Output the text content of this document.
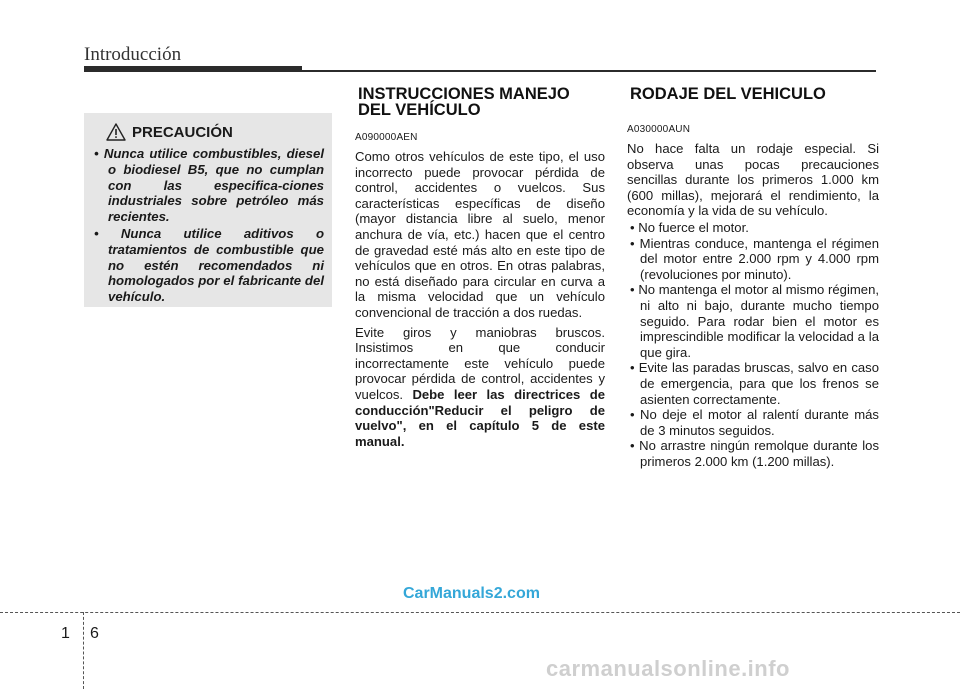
Introducción
PRECAUCIÓN
• Nunca utilice combustibles, diesel o biodiesel B5, que no cumplan con las especifica-ciones industriales sobre petróleo más recientes.
• Nunca utilice aditivos o tratamientos de combustible que no estén recomendados ni homologados por el fabricante del vehículo.
INSTRUCCIONES MANEJO
DEL VEHÍCULO
A090000AEN

Como otros vehículos de este tipo, el uso incorrecto puede provocar pérdida de control, accidentes o vuelcos. Sus características específicas de diseño (mayor distancia libre al suelo, menor anchura de vía, etc.) hacen que el centro de gravedad esté más alto en este tipo de vehículos que en otros. En otras palabras, no está diseñado para circular en curva a la misma velocidad que un vehículo convencional de tracción a dos ruedas.

Evite giros y maniobras bruscos. Insistimos en que conducir incorrectamente este vehículo puede provocar pérdida de control, accidentes y vuelcos. Debe leer las directrices de conducción"Reducir el peligro de vuelvo", en el capítulo 5 de este manual.

RODAJE DEL VEHICULO
A030000AUN

No hace falta un rodaje especial. Si observa unas pocas precauciones sencillas durante los primeros 1.000 km (600 millas), mejorará el rendimiento, la economía y la vida de su vehículo.

• No fuerce el motor.
• Mientras conduce, mantenga el régimen del motor entre 2.000 rpm y 4.000 rpm (revoluciones por minuto).
• No mantenga el motor al mismo régimen, ni alto ni bajo, durante mucho tiempo seguido. Para rodar bien el motor es imprescindible modificar la velocidad a la que gira.
• Evite las paradas bruscas, salvo en caso de emergencia, para que los frenos se asienten correctamente.
• No deje el motor al ralentí durante más de 3 minutos seguidos.
• No arrastre ningún remolque durante los primeros 2.000 km (1.200 millas).
CarManuals2.com
1 6
carmanualsonline.info
